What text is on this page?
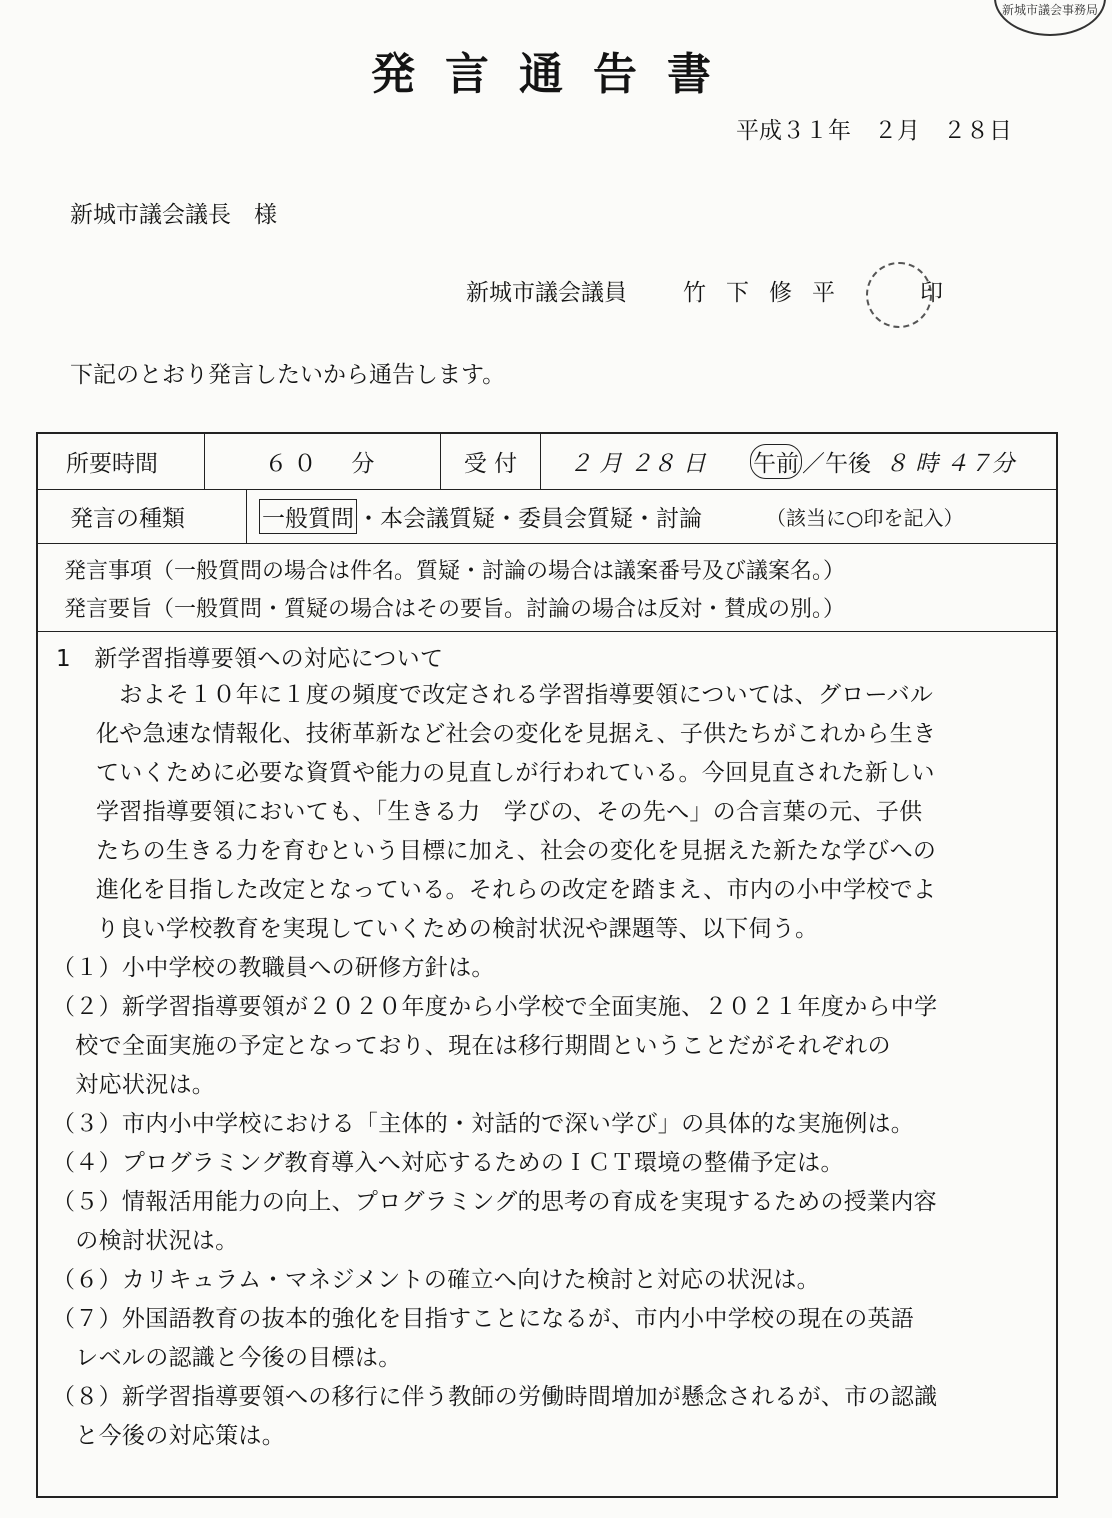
新城市議会事務局
発言通告書
平成３１年　２月　２８日
新城市議会議長　様
新城市議会議員 竹下修平	印
下記のとおり発言したいから通告します。
所要時間	６０　分	受 付	２ 月 ２８ 日 午前 ／午後 ８ 時 ４７分
発言の種類	一般質問 ・ 本会議質疑 ・ 委員会質疑 ・ 討論	（該当に○印を記入）
発言事項（一般質問の場合は件名。質疑・討論の場合は議案番号及び議案名。）
発言要旨（一般質問・質疑の場合はその要旨。討論の場合は反対・賛成の別。）
1　新学習指導要領への対応について
　およそ１０年に１度の頻度で改定される学習指導要領については、グローバル
化や急速な情報化、技術革新など社会の変化を見据え、子供たちがこれから生き
ていくために必要な資質や能力の見直しが行われている。今回見直された新しい
学習指導要領においても、「生きる力　学びの、その先へ」の合言葉の元、子供
たちの生きる力を育むという目標に加え、社会の変化を見据えた新たな学びへの
進化を目指した改定となっている。それらの改定を踏まえ、市内の小中学校でよ
り良い学校教育を実現していくための検討状況や課題等、以下伺う。
（１）小中学校の教職員への研修方針は。
（２）新学習指導要領が２０２０年度から小学校で全面実施、２０２１年度から中学
　校で全面実施の予定となっており、現在は移行期間ということだがそれぞれの
　対応状況は。
（３）市内小中学校における「主体的・対話的で深い学び」の具体的な実施例は。
（４）プログラミング教育導入へ対応するためのＩＣＴ環境の整備予定は。
（５）情報活用能力の向上、プログラミング的思考の育成を実現するための授業内容
　の検討状況は。
（６）カリキュラム・マネジメントの確立へ向けた検討と対応の状況は。
（７）外国語教育の抜本的強化を目指すことになるが、市内小中学校の現在の英語
　レベルの認識と今後の目標は。
（８）新学習指導要領への移行に伴う教師の労働時間増加が懸念されるが、市の認識
　と今後の対応策は。
